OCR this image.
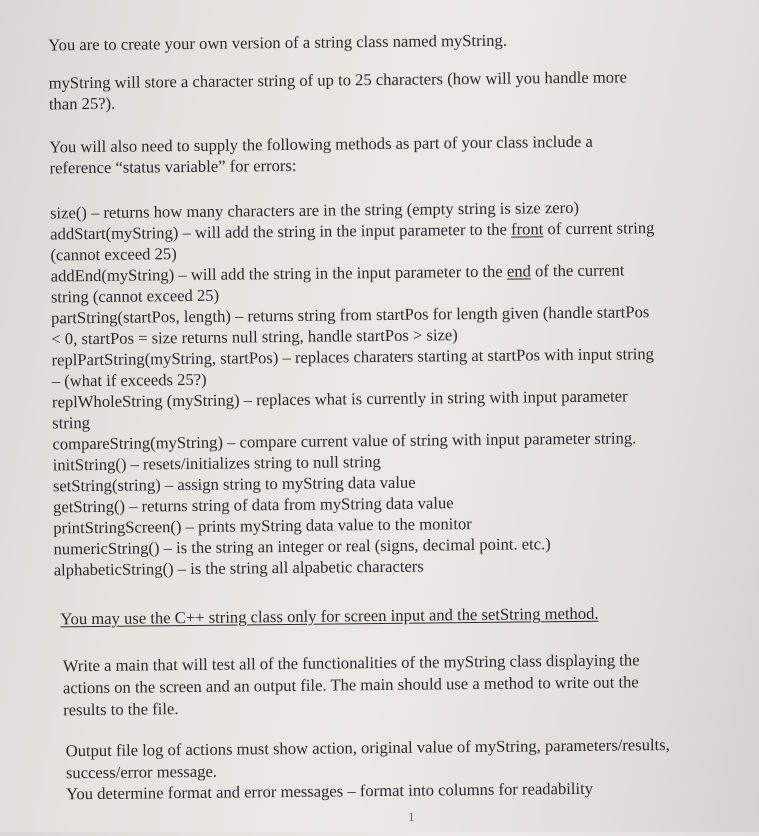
You are to create your own version of a string class named myString.
myString will store a character string of up to 25 characters (how will you handle more
than 25?).
You will also need to supply the following methods as part of your class include a
reference “status variable” for errors:
size() – returns how many characters are in the string (empty string is size zero)
addStart(myString) – will add the string in the input parameter to the front of current string
(cannot exceed 25)
addEnd(myString) – will add the string in the input parameter to the end of the current
string (cannot exceed 25)
partString(startPos, length) – returns string from startPos for length given (handle startPos
< 0, startPos = size returns null string, handle startPos > size)
replPartString(myString, startPos) – replaces charaters starting at startPos with input string
– (what if exceeds 25?)
replWholeString (myString) – replaces what is currently in string with input parameter
string
compareString(myString) – compare current value of string with input parameter string.
initString() – resets/initializes string to null string
setString(string) – assign string to myString data value
getString() – returns string of data from myString data value
printStringScreen() – prints myString data value to the monitor
numericString() – is the string an integer or real (signs, decimal point. etc.)
alphabeticString() – is the string all alpabetic characters
You may use the C++ string class only for screen input and the setString method.
Write a main that will test all of the functionalities of the myString class displaying the
actions on the screen and an output file. The main should use a method to write out the
results to the file.
Output file log of actions must show action, original value of myString, parameters/results,
success/error message.
You determine format and error messages – format into columns for readability
1
